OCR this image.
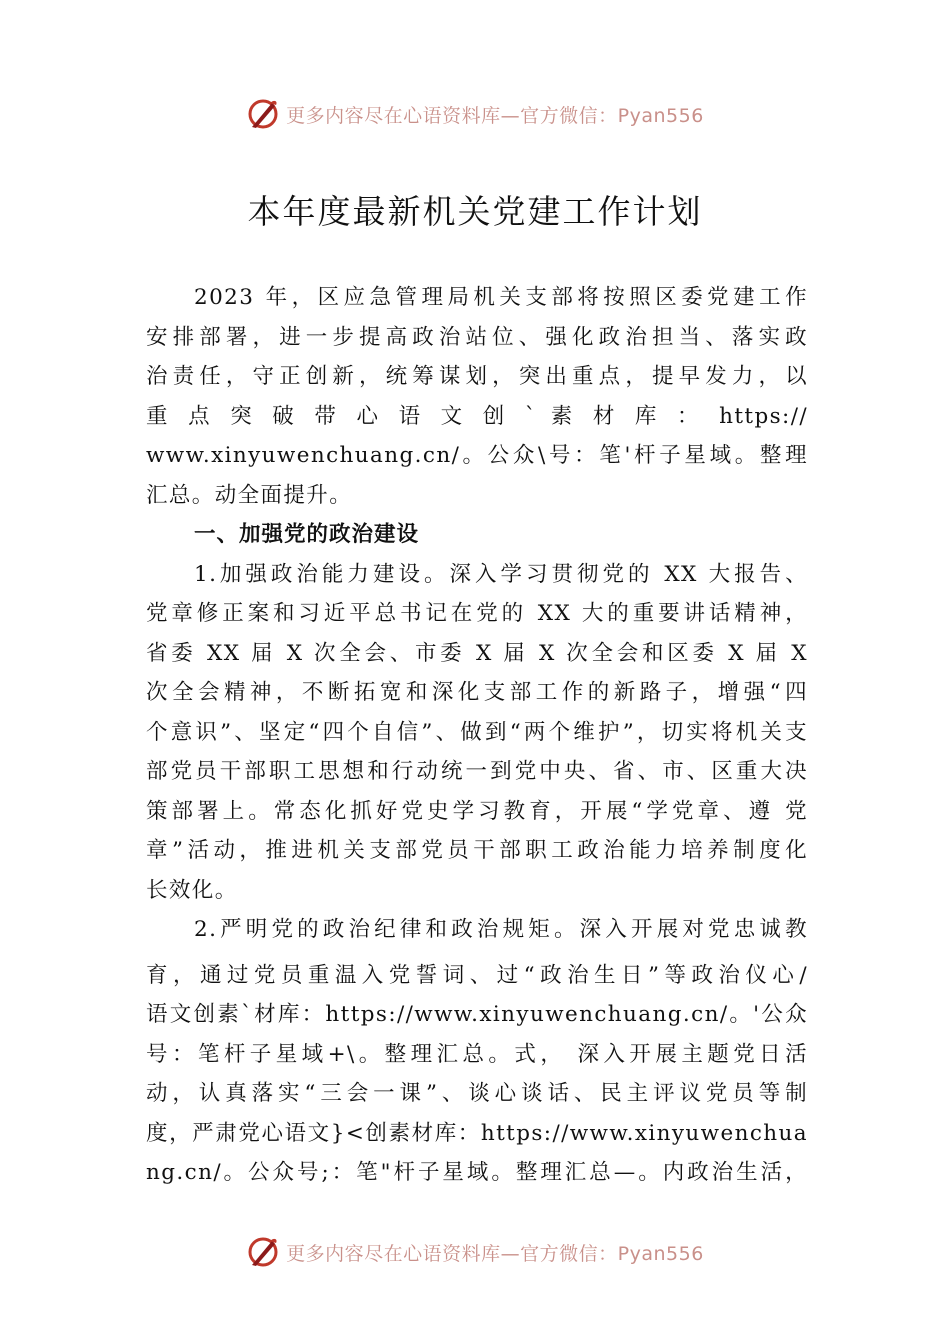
更多内容尽在心语资料库—官方微信：Pyan556
本年度最新机关党建工作计划
2023 年，区应急管理局机关支部将按照区委党建工作
安排部署，进一步提高政治站位、强化政治担当、落实政
治责任，守正创新，统筹谋划，突出重点，提早发力，以
重 点 突 破 带 心 语 文 创 ` 素 材 库 ： https://
www.xinyuwenchuang.cn/。公众\号：笔'杆子星域。整理
汇总。动全面提升。
一、加强党的政治建设
1.加强政治能力建设。深入学习贯彻党的 XX 大报告、
党章修正案和习近平总书记在党的 XX 大的重要讲话精神，
省委 XX 届 X 次全会、市委 X 届 X 次全会和区委 X 届 X
次全会精神，不断拓宽和深化支部工作的新路子，增强“四
个意识”、坚定“四个自信”、做到“两个维护”，切实将机关支
部党员干部职工思想和行动统一到党中央、省、市、区重大决
策部署上。常态化抓好党史学习教育，开展“学党章、遵 党
章”活动，推进机关支部党员干部职工政治能力培养制度化
长效化。
2.严明党的政治纪律和政治规矩。深入开展对党忠诚教
育，通过党员重温入党誓词、过“政治生日”等政治仪心/
语文创素`材库：https://www.xinyuwenchuang.cn/。'公众
号：笔杆子星域+\。整理汇总。式， 深入开展主题党日活
动，认真落实“三会一课”、谈心谈话、民主评议党员等制
度，严肃党心语文}<创素材库：https://www.xinyuwenchua
ng.cn/。公众号;：笔"杆子星域。整理汇总—。内政治生活，
更多内容尽在心语资料库—官方微信：Pyan556
